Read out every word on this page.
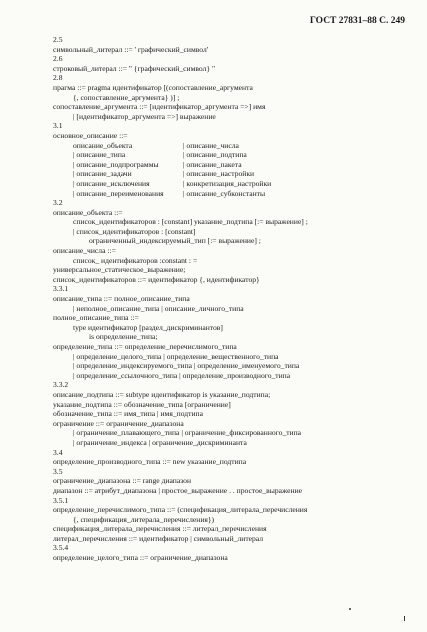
ГОСТ 27831–88 С. 249
2.5
символьный_литерал ::= ' графический_символ'
2.6
строковый_литерал ::= " {графический_символ} "
2.8
прагма ::= pragma идентификатор [(сопоставление_аргумента
{, сопоставление_аргумента} )] ;
сопоставление_аргумента ::= [идентификатор_аргумента =>] имя
| [идентификатор_аргумента =>] выражение
3.1
основное_описание ::=
описание_объекта	| описание_числа
| описание_типа	| описание_подтипа
| описание_подпрограммы	| описание_пакета
| описание_задачи	| описание_настройки
| описание_исключения	| конкретизация_настройки
| описание_переименования	| описание_субконстанты
3.2
описание_объекта ::=
список_идентификаторов : [constant] указание_подтипа [:= выражение] ;
| список_идентификаторов : [constant]
ограниченный_индексируемый_тип [:= выражение] ;
описание_числа ::=
список_ идентификаторов :constant : =
универсальное_статическое_выражение;
список_идентификаторов ::= идентификатор {, идентификатор}
3.3.1
описание_типа ::= полное_описание_типа
| неполное_описание_типа | описание_личного_типа
полное_описание_типа ::=
type идентификатор [раздел_дискриминантов]
is определение_типа;
определение_типа ::= определение_перечислимого_типа
| определение_целого_типа | определение_вещественного_типа
| определение_индексируемого_типа | определение_именуемого_типа
| определение_ссылочного_типа | определение_производного_типа
3.3.2
описание_подтипа ::= subtype идентификатор is указание_подтипа;
указание_подтипа ::= обозначение_типа [ограничение]
обозначение_типа ::= имя_типа | имя_подтипа
ограничение ::= ограничение_диапазона
| ограничение_плавающего_типа | ограничение_фиксированного_типа
| ограничение_индекса | ограничение_дискриминанта
3.4
определение_производного_типа ::= new указание_подтипа
3.5
ограничение_диапазона ::= range диапазон
диапазон ::= атрибут_диапазона | простое_выражение . . простое_выражение
3.5.1
определение_перечислимого_типа ::= (спецификация_литерала_перечисления
{, спецификация_литерала_перечисления})
спецификация_литерала_перечисления ::= литерал_перечисления
литерал_перечисления ::= идентификатор | символьный_литерал
3.5.4
определение_целого_типа ::= ограничение_диапазона
